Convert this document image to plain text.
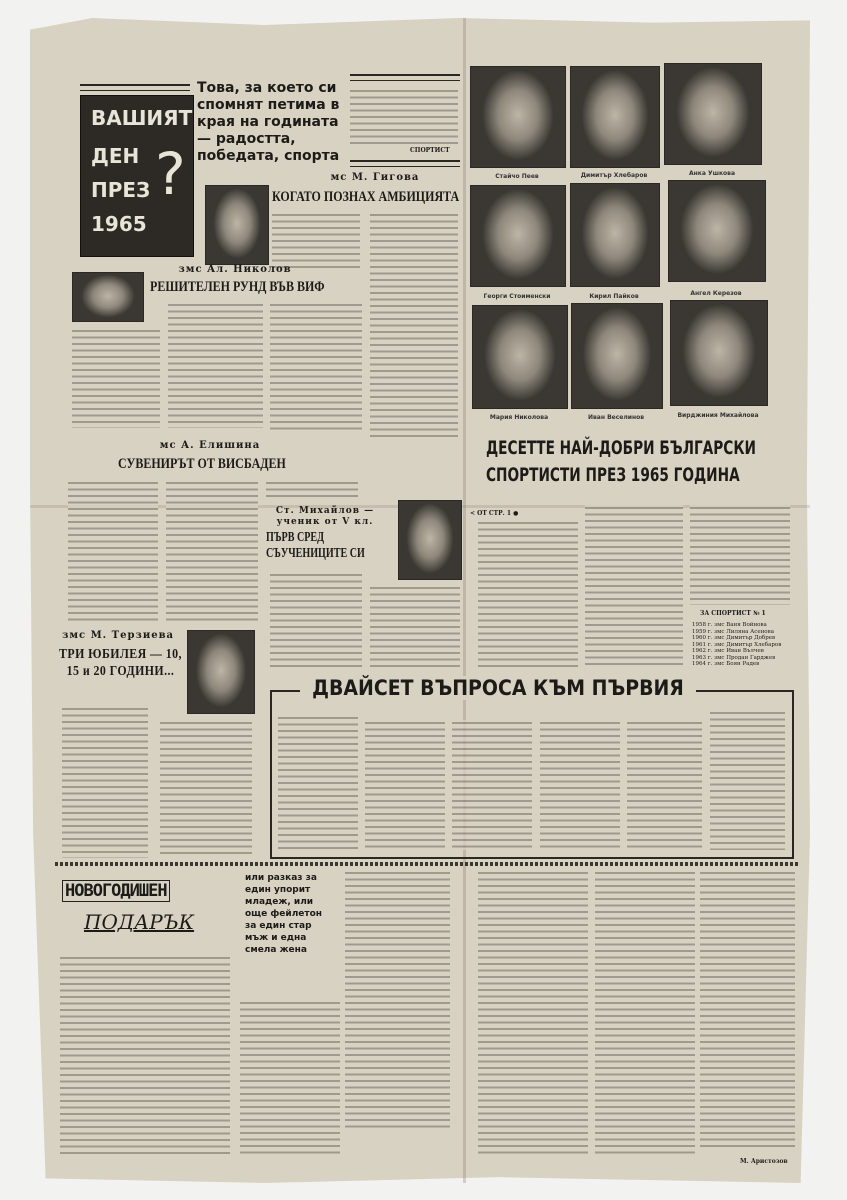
ВАШИЯТ
ДЕН
ПРЕЗ
1965
?
Това, за което си спомнят петима в края на годината — радостта, победата, спорта	СПОРТИСТ
мс М. Гигова
КОГАТО ПОЗНАХ АМБИЦИЯТА
змс Ал. Николов
РЕШИТЕЛЕН РУНД ВЪВ ВИФ
мс А. Елишина
СУВЕНИРЪТ ОТ ВИСБАДЕН
Ст. Михайлов — ученик от V кл.
ПЪРВ СРЕД СЪУЧЕНИЦИТЕ СИ
змс М. Терзиева
ТРИ ЮБИЛЕЯ — 10, 15 и 20 ГОДИНИ...
Стайчо Пеев	Димитър Хлебаров	Анка Ушкова
Георги Стоименски	Кирил Пайков	Ангел Керезов
Мария Николова	Иван Веселинов	Вирджиния Михайлова
ДЕСЕТТЕ НАЙ-ДОБРИ БЪЛГАРСКИ
СПОРТИСТИ ПРЕЗ 1965 ГОДИНА
< ОТ СТР. 1 ●
ЗА СПОРТИСТ № 1
1958 г. змс Ваня Войнова
1959 г. змс Лиляна Асенова
1960 г. змс Димитър Добрев
1961 г. змс Димитър Хлебаров
1962 г. змс Иван Вълчев
1963 г. змс Продан Гарджев
1964 г. змс Боян Радев
ДВАЙСЕТ ВЪПРОСА КЪМ ПЪРВИЯ
НОВОГОДИШЕН
ПОДАРЪК
или разказ за един упорит младеж, или още фейлетон за един стар мъж и една смела жена
М. Аристозов
